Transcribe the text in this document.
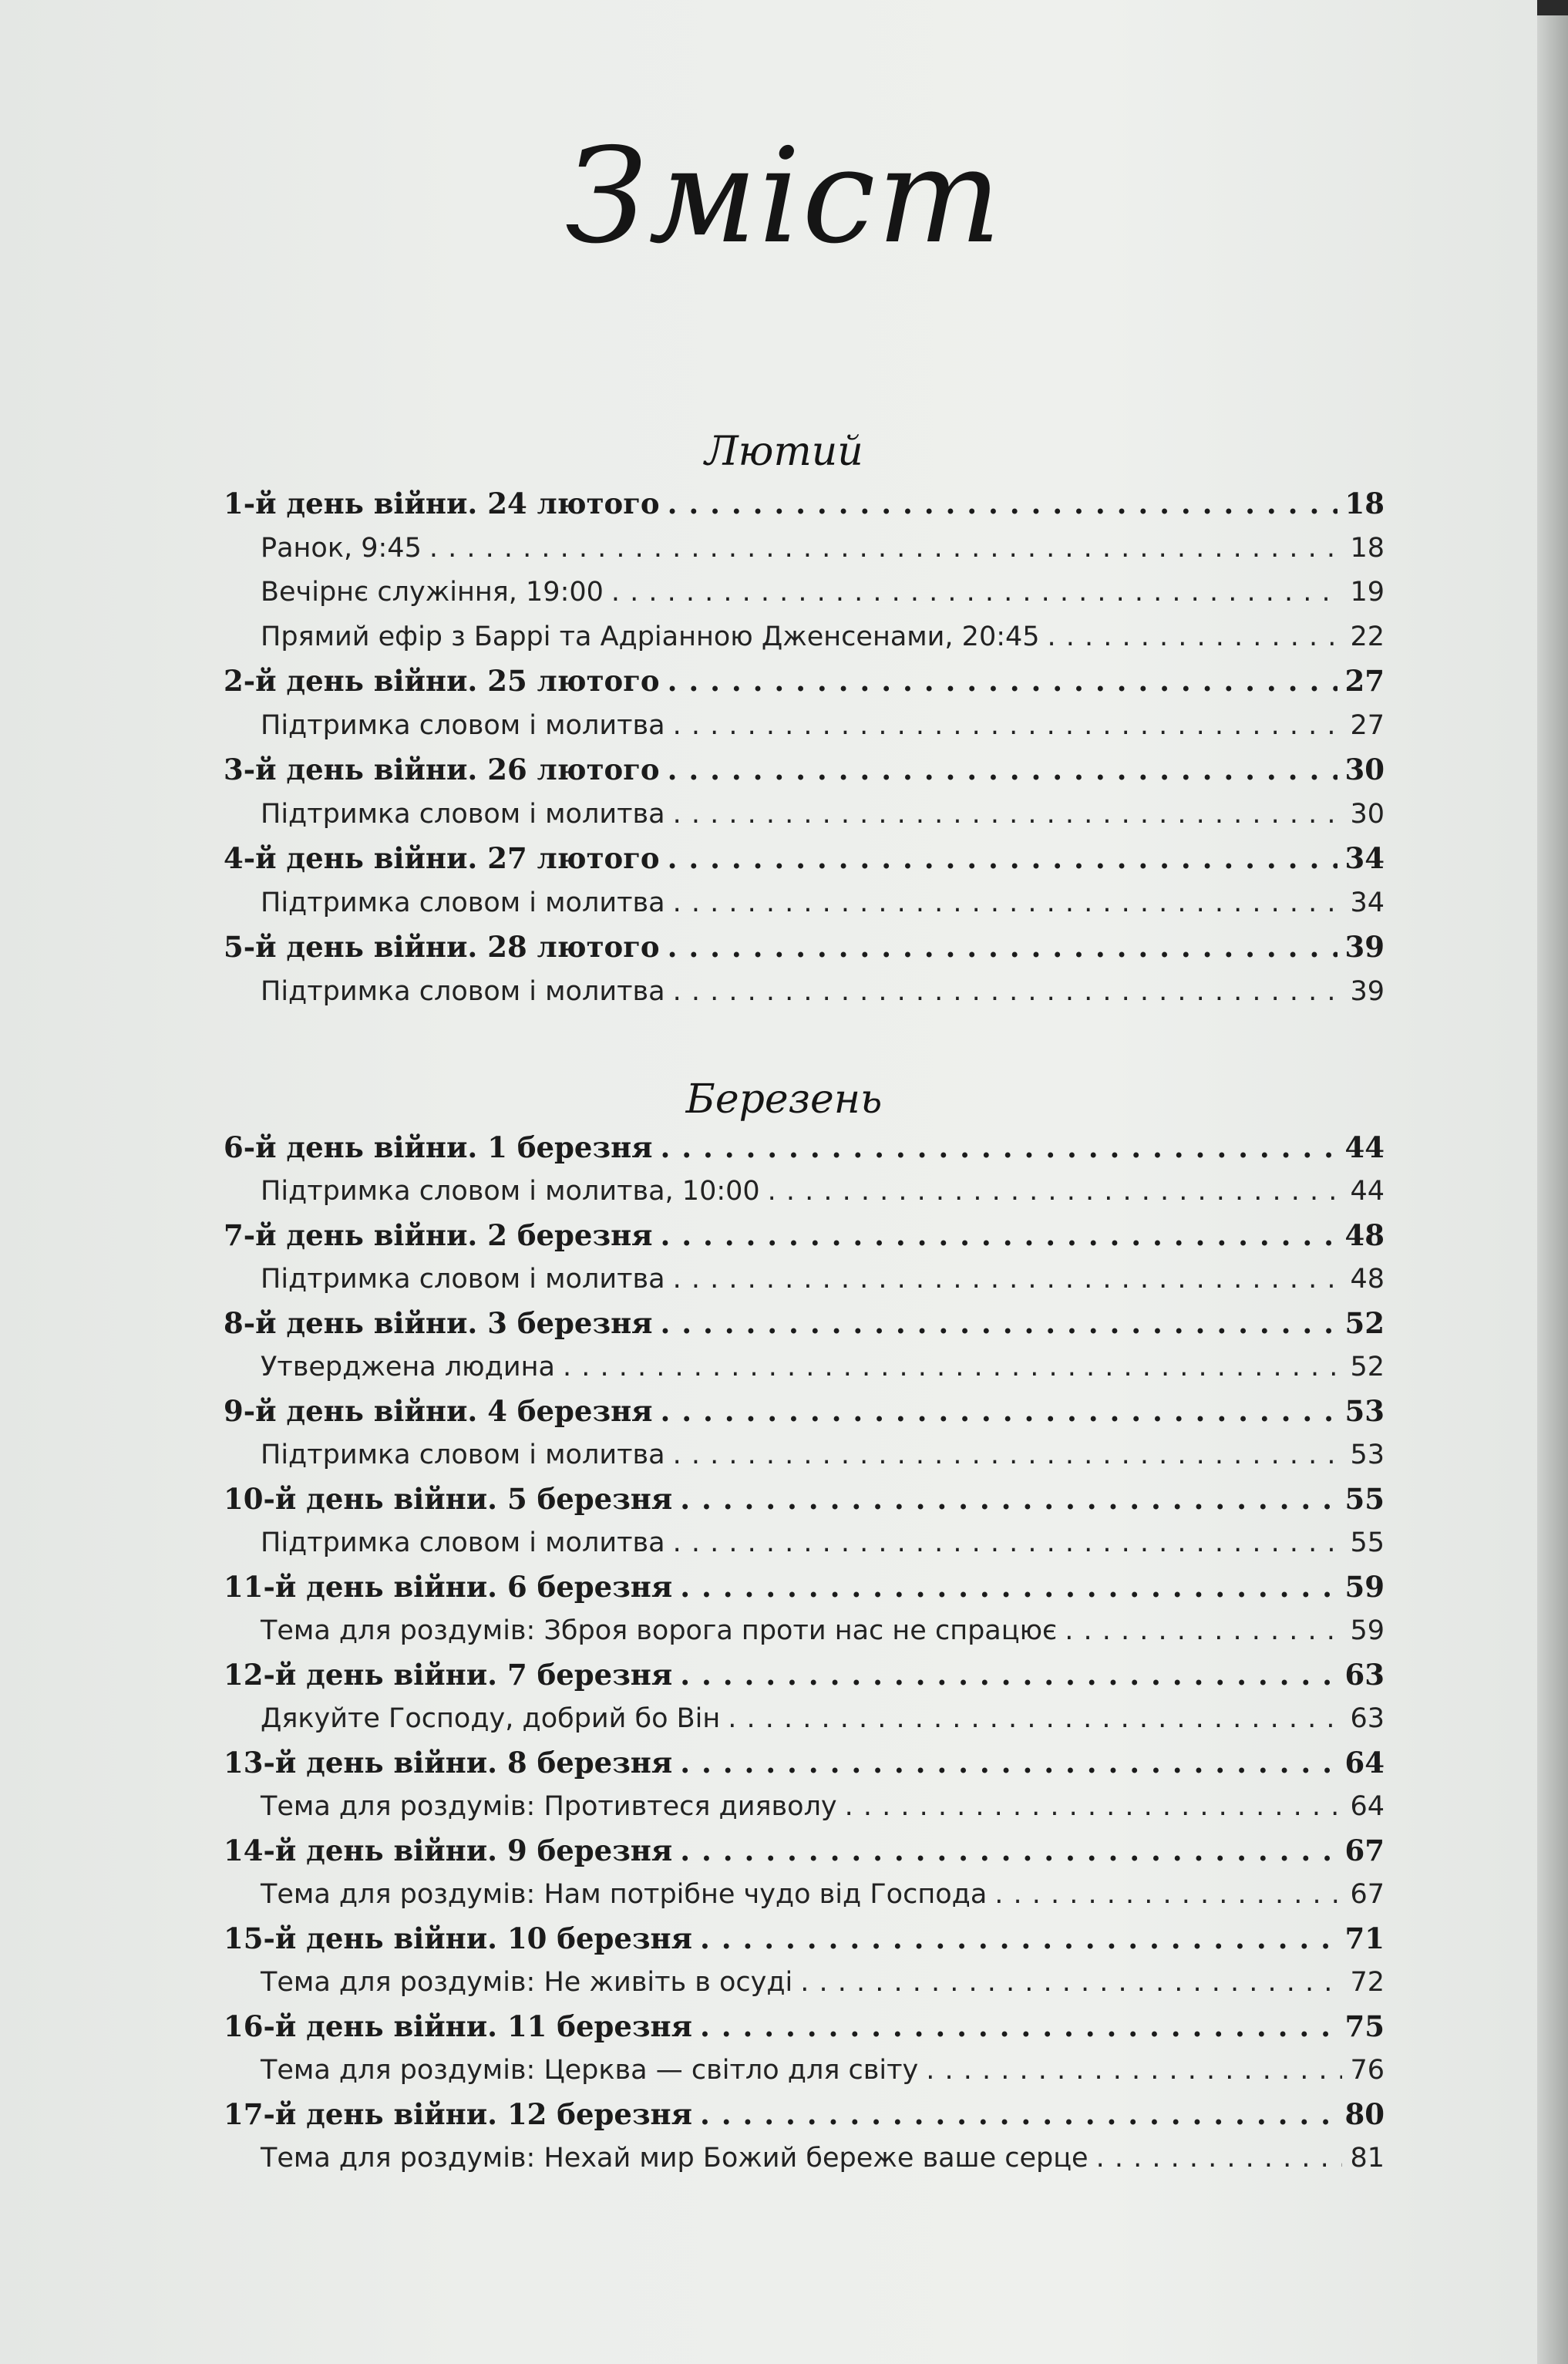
Зміст
Лютий
Березень
1-й день війни. 24 лютого . . .	18
Ранок, 9:45 . . .	18
Вечірнє служіння, 19:00 . . .	19
Прямий ефір з Баррі та Адріанною Дженсенами, 20:45 . . .	22
2-й день війни. 25 лютого . . .	27
Підтримка словом і молитва . . .	27
3-й день війни. 26 лютого . . .	30
Підтримка словом і молитва . . .	30
4-й день війни. 27 лютого . . .	34
Підтримка словом і молитва . . .	34
5-й день війни. 28 лютого . . .	39
Підтримка словом і молитва . . .	39
6-й день війни. 1 березня . . .	44
Підтримка словом і молитва, 10:00 . . .	44
7-й день війни. 2 березня . . .	48
Підтримка словом і молитва . . .	48
8-й день війни. 3 березня . . .	52
Утверджена людина . . .	52
9-й день війни. 4 березня . . .	53
Підтримка словом і молитва . . .	53
10-й день війни. 5 березня . . .	55
Підтримка словом і молитва . . .	55
11-й день війни. 6 березня . . .	59
Тема для роздумів: Зброя ворога проти нас не спрацює . . .	59
12-й день війни. 7 березня . . .	63
Дякуйте Господу, добрий бо Він . . .	63
13-й день війни. 8 березня . . .	64
Тема для роздумів: Противтеся дияволу . . .	64
14-й день війни. 9 березня . . .	67
Тема для роздумів: Нам потрібне чудо від Господа . . .	67
15-й день війни. 10 березня . . .	71
Тема для роздумів: Не живіть в осуді . . .	72
16-й день війни. 11 березня . . .	75
Тема для роздумів: Церква — світло для світу . . .	76
17-й день війни. 12 березня . . .	80
Тема для роздумів: Нехай мир Божий береже ваше серце . . .	81
